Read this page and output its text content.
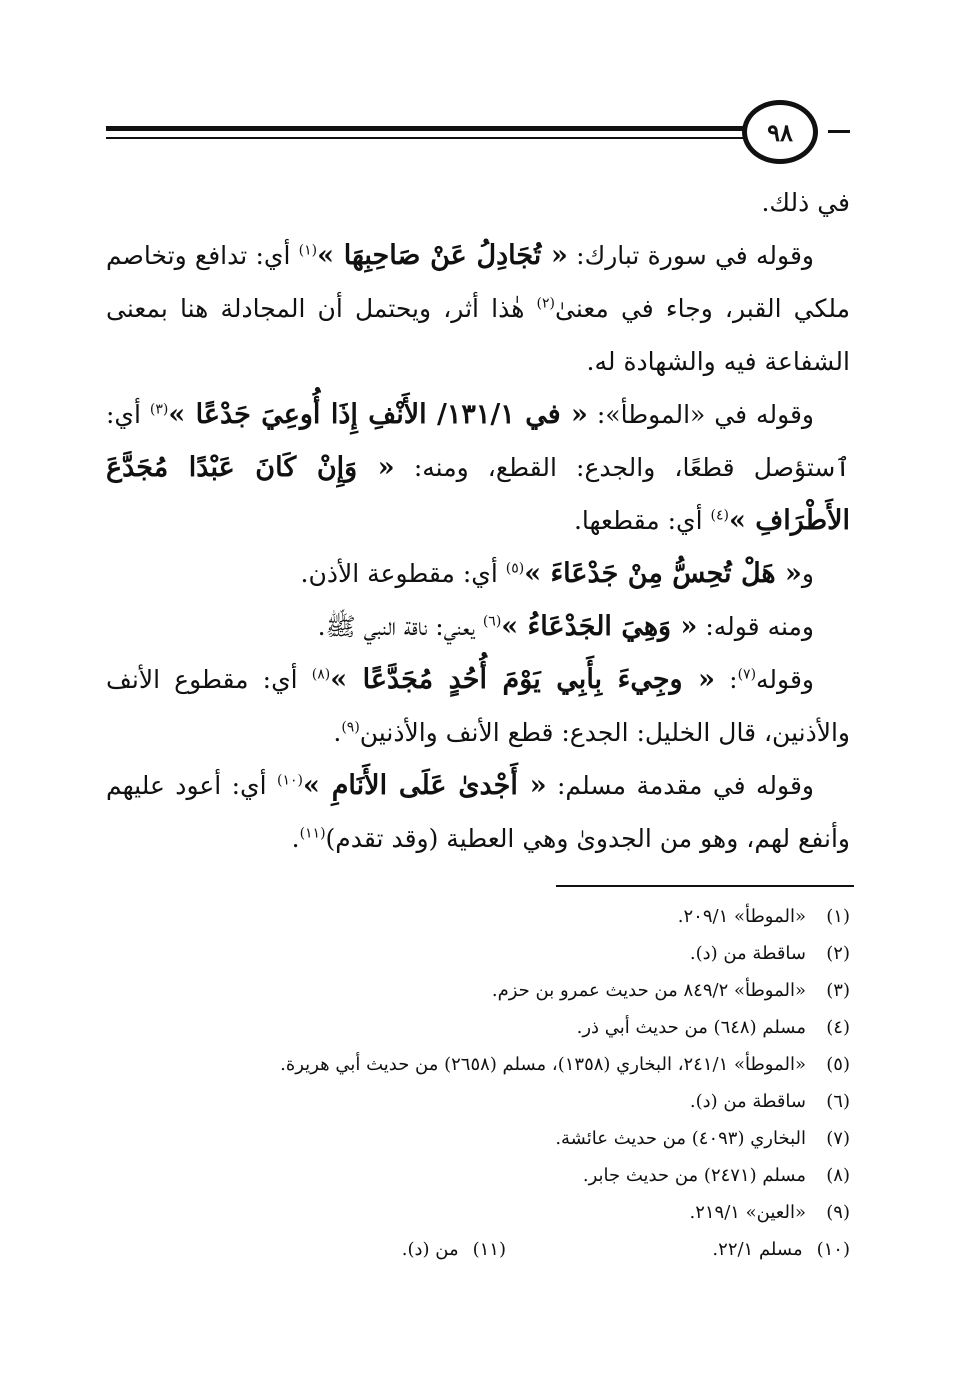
٩٨

في ذلك.

وقوله في سورة تبارك: « تُجَادِلُ عَنْ صَاحِبِهَا »$^{(١)}$ أي: تدافع وتخاصم ملكي القبر، وجاء في معنىٰ$^{(٢)}$ هٰذا أثر، ويحتمل أن المجادلة هنا بمعنى الشفاعة فيه والشهادة له.

وقوله في «الموطأ»: « في ١٣١/١/ الأَنْفِ إِذَا أُوعِيَ جَدْعًا »$^{(٣)}$ أي: ٱستؤصل قطعًا، والجدع: القطع، ومنه: « وَإِنْ كَانَ عَبْدًا مُجَدَّعَ الأَطْرَافِ »$^{(٤)}$ أي: مقطعها.

و« هَلْ تُحِسُّ مِنْ جَدْعَاءَ »$^{(٥)}$ أي: مقطوعة الأذن.

ومنه قوله: « وَهِيَ الجَدْعَاءُ »$^{(٦)}$ يعني: ناقة النبي ﷺ.

وقوله$^{(٧)}$: « وجِيءَ بِأَبِي يَوْمَ أُحُدٍ مُجَدَّعًا »$^{(٨)}$ أي: مقطوع الأنف والأذنين، قال الخليل: الجدع: قطع الأنف والأذنين$^{(٩)}$.

وقوله في مقدمة مسلم: « أَجْدىٰ عَلَى الأَنَامِ »$^{(١٠)}$ أي: أعود عليهم وأنفع لهم، وهو من الجدوىٰ وهي العطية (وقد تقدم)$^{(١١)}$.

(١)
«الموطأ» ٢٠٩/١.
(٢)
ساقطة من (د).
(٣)
«الموطأ» ٨٤٩/٢ من حديث عمرو بن حزم.
(٤)
مسلم (٦٤٨) من حديث أبي ذر.
(٥)
«الموطأ» ٢٤١/١، البخاري (١٣٥٨)، مسلم (٢٦٥٨) من حديث أبي هريرة.
(٦)
ساقطة من (د).
(٧)
البخاري (٤٠٩٣) من حديث عائشة.
(٨)
مسلم (٢٤٧١) من حديث جابر.
(٩)
«العين» ٢١٩/١.
(١٠)
مسلم ٢٢/١.
(١١)
من (د).
